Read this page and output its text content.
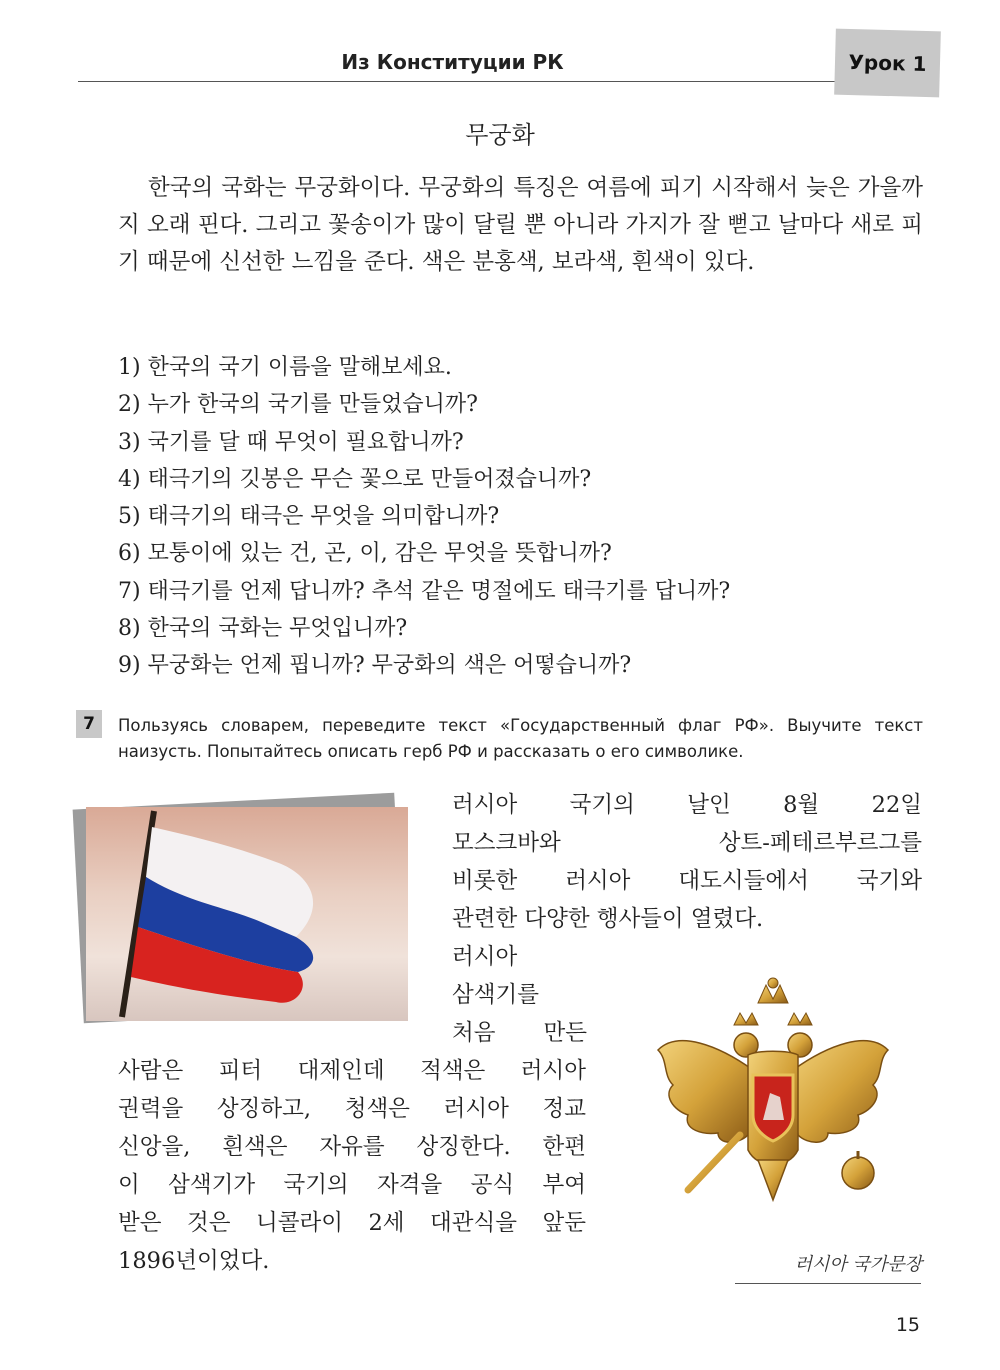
Из Конституции РК	Урок 1
무궁화
한국의 국화는 무궁화이다. 무궁화의 특징은 여름에 피기 시작해서 늦은 가을까지 오래 핀다. 그리고 꽃송이가 많이 달릴 뿐 아니라 가지가 잘 뻗고 날마다 새로 피기 때문에 신선한 느낌을 준다. 색은 분홍색, 보라색, 흰색이 있다.
1) 한국의 국기 이름을 말해보세요.
2) 누가 한국의 국기를 만들었습니까?
3) 국기를 달 때 무엇이 필요합니까?
4) 태극기의 깃봉은 무슨 꽃으로 만들어졌습니까?
5) 태극기의 태극은 무엇을 의미합니까?
6) 모퉁이에 있는 건, 곤, 이, 감은 무엇을 뜻합니까?
7) 태극기를 언제 답니까? 추석 같은 명절에도 태극기를 답니까?
8) 한국의 국화는 무엇입니까?
9) 무궁화는 언제 핍니까? 무궁화의 색은 어떻습니까?
7	Пользуясь словарем, переведите текст «Государственный флаг РФ». Выучите текст наизусть. Попытайтесь описать герб РФ и рассказать о его символике.
러시아 국기의 날인 8월 22일
모스크바와 상트-페테르부르그를
비롯한 러시아 대도시들에서 국기와
관련한 다양한 행사들이 열렸다.
러시아
삼색기를
처음 만든
사람은 피터 대제인데 적색은 러시아
권력을 상징하고, 청색은 러시아 정교
신앙을, 흰색은 자유를 상징한다. 한편
이 삼색기가 국기의 자격을 공식 부여
받은 것은 니콜라이 2세 대관식을 앞둔
1896년이었다.	러시아 국가문장
15
